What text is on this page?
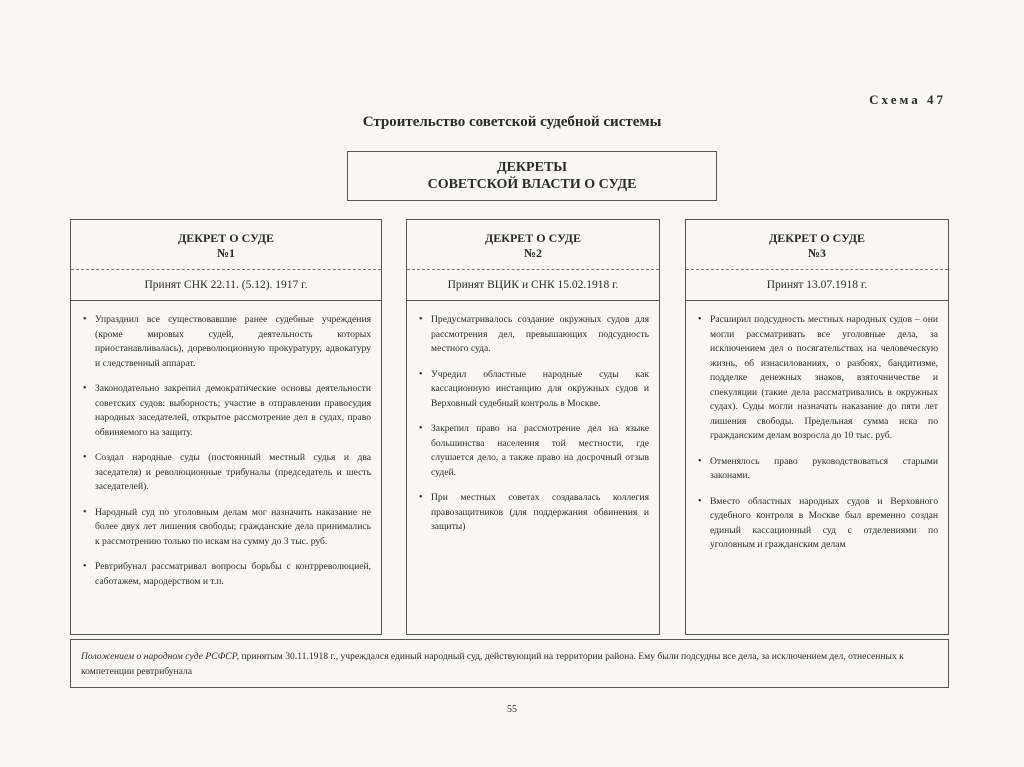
Схема 47
Строительство советской судебной системы
ДЕКРЕТЫ
СОВЕТСКОЙ ВЛАСТИ О СУДЕ
ДЕКРЕТ О СУДЕ
№1
Принят СНК 22.11. (5.12). 1917 г.
• Упразднил все существовавшие ранее судебные учреждения (кроме мировых судей, деятельность которых приостанавливалась), дореволюционную прокуратуру, адвокатуру и следственный аппарат.
• Законодательно закрепил демократические основы деятельности советских судов: выборность; участие в отправлении правосудия народных заседателей, открытое рассмотрение дел в судах, право обвиняемого на защиту.
• Создал народные суды (постоянный местный судья и два заседателя) и революционные трибуналы (председатель и шесть заседателей).
• Народный суд по уголовным делам мог назначить наказание не более двух лет лишения свободы; гражданские дела принимались к рассмотрению только по искам на сумму до 3 тыс. руб.
• Ревтрибунал рассматривал вопросы борьбы с контрреволюцией, саботажем, мародерством и т.п.
ДЕКРЕТ О СУДЕ
№2
Принят ВЦИК и СНК 15.02.1918 г.
• Предусматривалось создание окружных судов для рассмотрения дел, превышающих подсудность местного суда.
• Учредил областные народные суды как кассационную инстанцию для окружных судов и Верховный судебный контроль в Москве.
• Закрепил право на рассмотрение дел на языке большинства населения той местности, где слушается дело, а также право на досрочный отзыв судей.
• При местных советах создавалась коллегия правозащитников (для поддержания обвинения и защиты)
ДЕКРЕТ О СУДЕ
№3
Принят 13.07.1918 г.
• Расширил подсудность местных народных судов – они могли рассматривать все уголовные дела, за исключением дел о посягательствах на человеческую жизнь, об изнасилованиях, о разбоях, бандитизме, подделке денежных знаков, взяточничестве и спекуляции (такие дела рассматривались в окружных судах). Суды могли назначать наказание до пяти лет лишения свободы. Предельная сумма иска по гражданским делам возросла до 10 тыс. руб.
• Отменялось право руководствоваться старыми законами.
• Вместо областных народных судов и Верховного судебного контроля в Москве был временно создан единый кассационный суд с отделениями по уголовным и гражданским делам
Положением о народном суде РСФСР, принятым 30.11.1918 г., учреждался единый народный суд, действующий на территории района. Ему были подсудны все дела, за исключением дел, отнесенных к компетенции ревтрибунала
55
